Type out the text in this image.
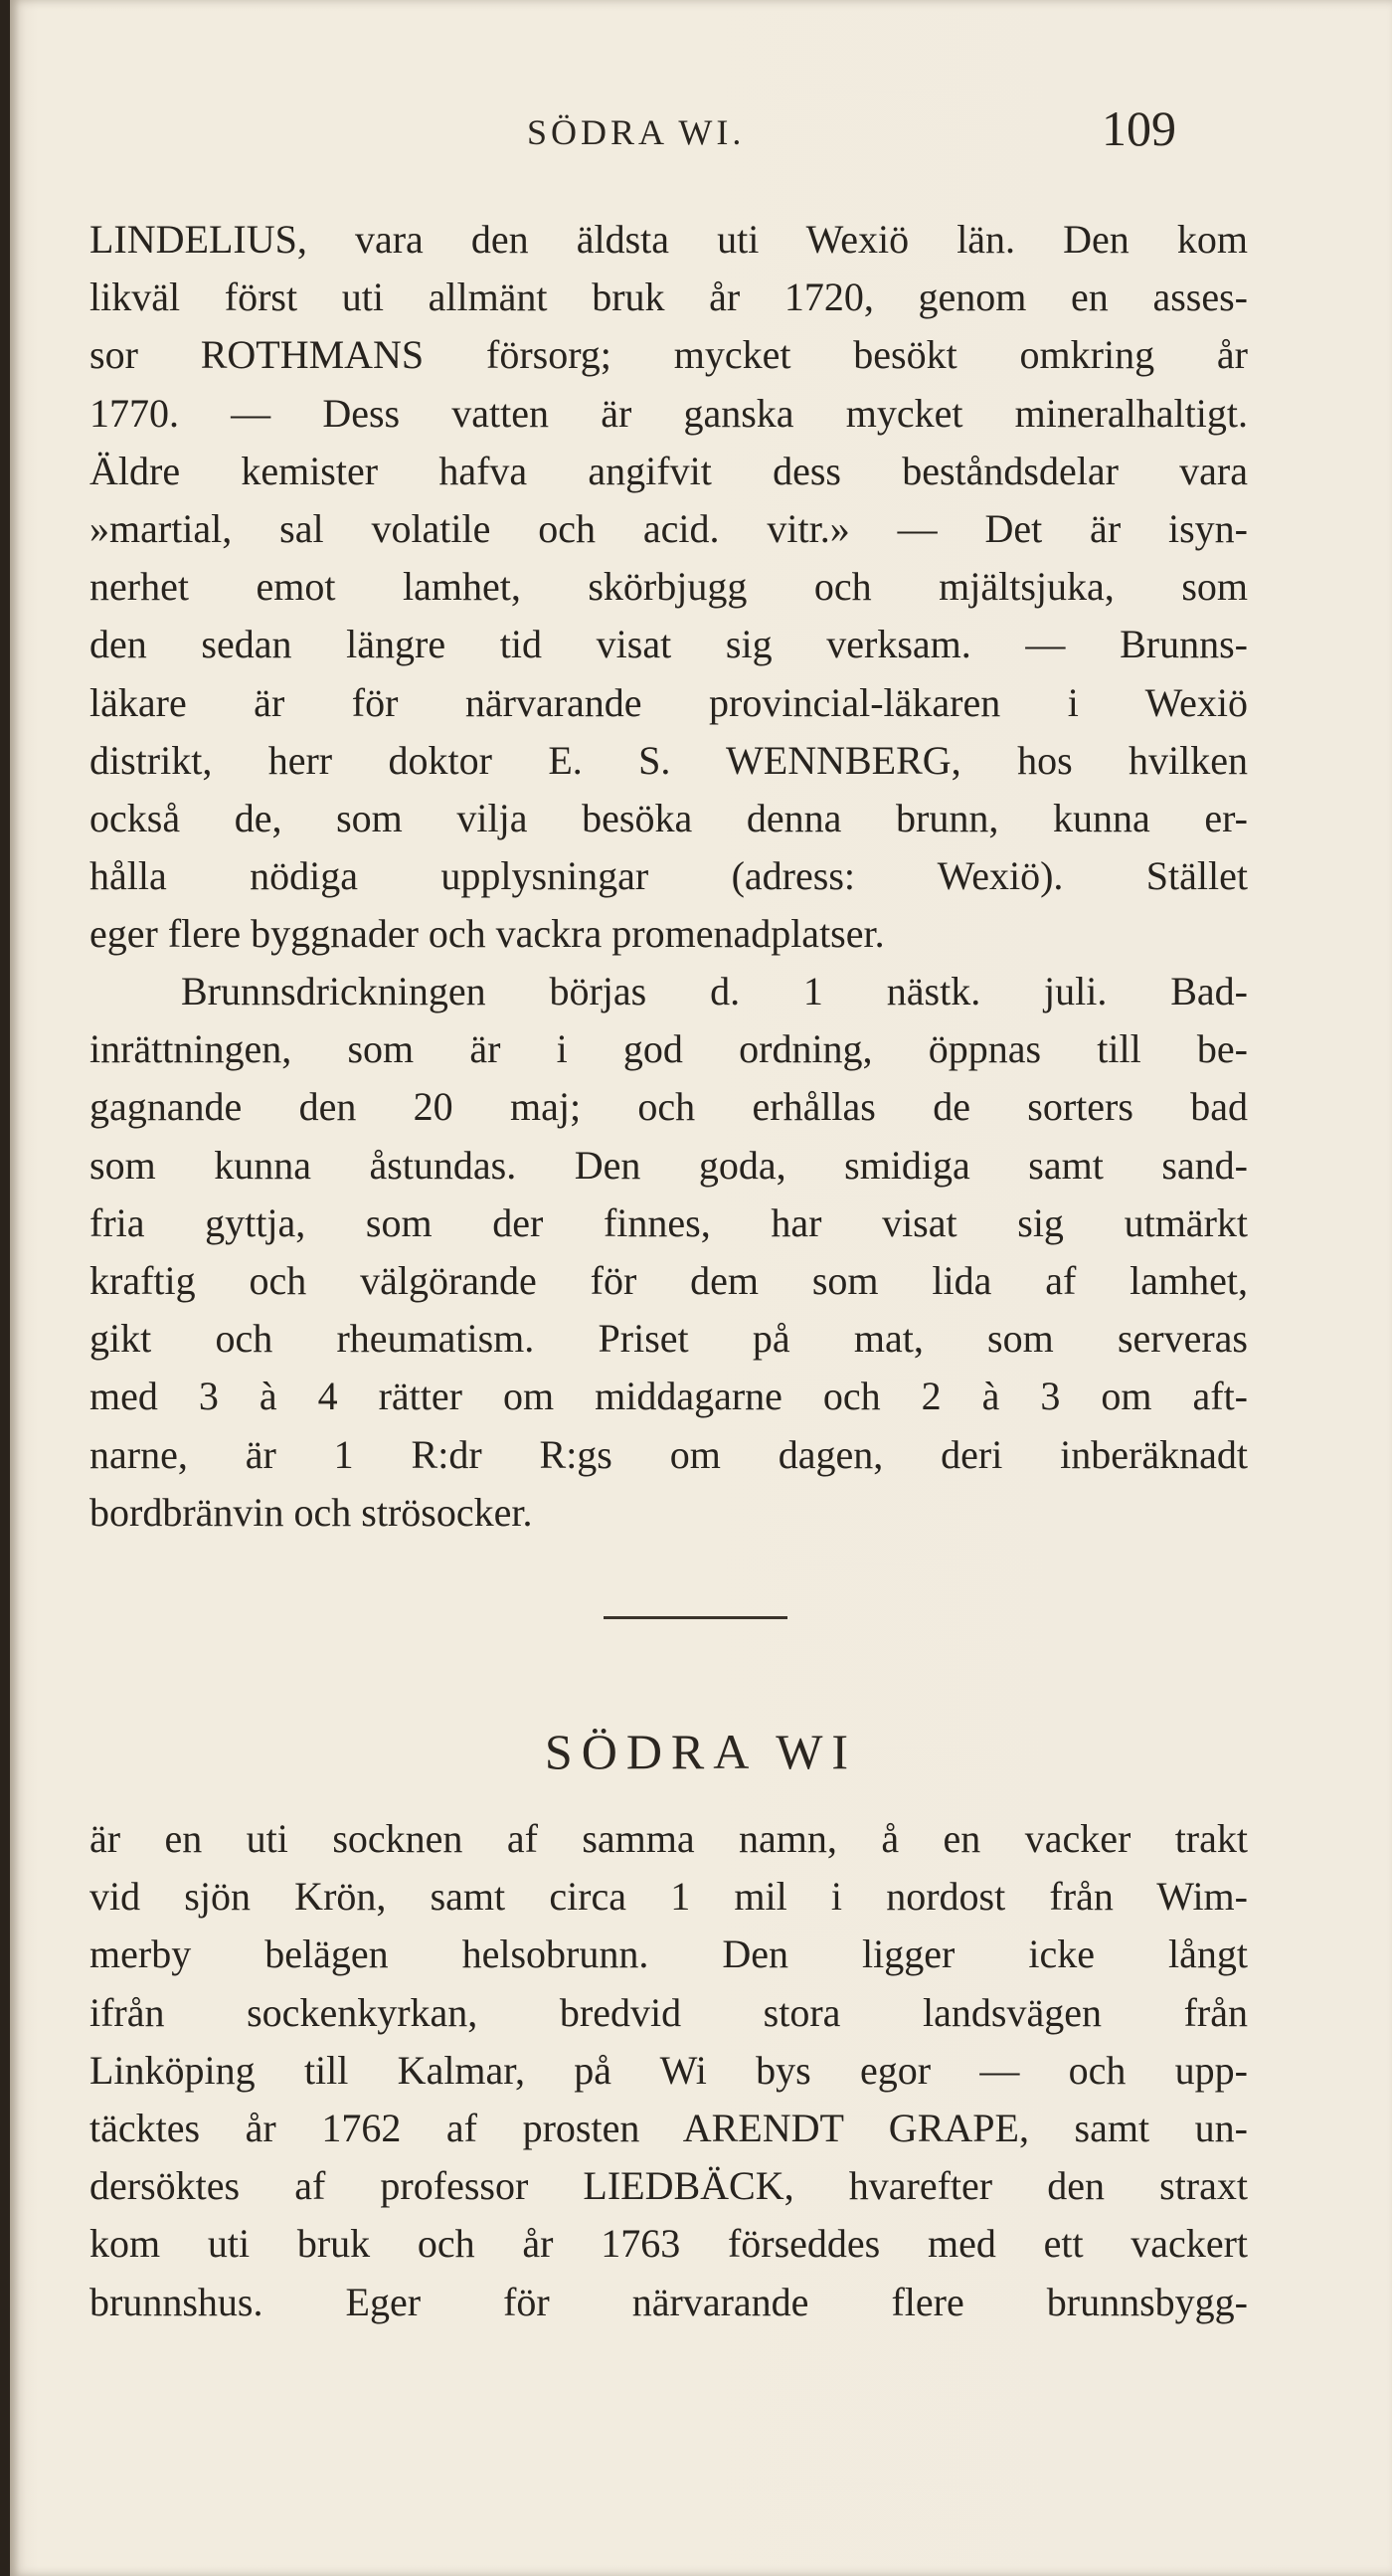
SÖDRA WI.	109
LINDELIUS, vara den äldsta uti Wexiö län. Den kom
likväl först uti allmänt bruk år 1720, genom en asses-
sor ROTHMANS försorg; mycket besökt omkring år
1770. — Dess vatten är ganska mycket mineralhaltigt.
Äldre kemister hafva angifvit dess beståndsdelar vara
»martial, sal volatile och acid. vitr.» — Det är isyn-
nerhet emot lamhet, skörbjugg och mjältsjuka, som
den sedan längre tid visat sig verksam. — Brunns-
läkare är för närvarande provincial-läkaren i Wexiö
distrikt, herr doktor E. S. WENNBERG, hos hvilken
också de, som vilja besöka denna brunn, kunna er-
hålla nödiga upplysningar (adress: Wexiö). Stället
eger flere byggnader och vackra promenadplatser.
Brunnsdrickningen börjas d. 1 nästk. juli. Bad-
inrättningen, som är i god ordning, öppnas till be-
gagnande den 20 maj; och erhållas de sorters bad
som kunna åstundas. Den goda, smidiga samt sand-
fria gyttja, som der finnes, har visat sig utmärkt
kraftig och välgörande för dem som lida af lamhet,
gikt och rheumatism. Priset på mat, som serveras
med 3 à 4 rätter om middagarne och 2 à 3 om aft-
narne, är 1 R:dr R:gs om dagen, deri inberäknadt
bordbränvin och strösocker.
SÖDRA WI
är en uti socknen af samma namn, å en vacker trakt
vid sjön Krön, samt circa 1 mil i nordost från Wim-
merby belägen helsobrunn. Den ligger icke långt
ifrån sockenkyrkan, bredvid stora landsvägen från
Linköping till Kalmar, på Wi bys egor — och upp-
täcktes år 1762 af prosten ARENDT GRAPE, samt un-
dersöktes af professor LIEDBÄCK, hvarefter den straxt
kom uti bruk och år 1763 förseddes med ett vackert
brunnshus. Eger för närvarande flere brunnsbygg-
